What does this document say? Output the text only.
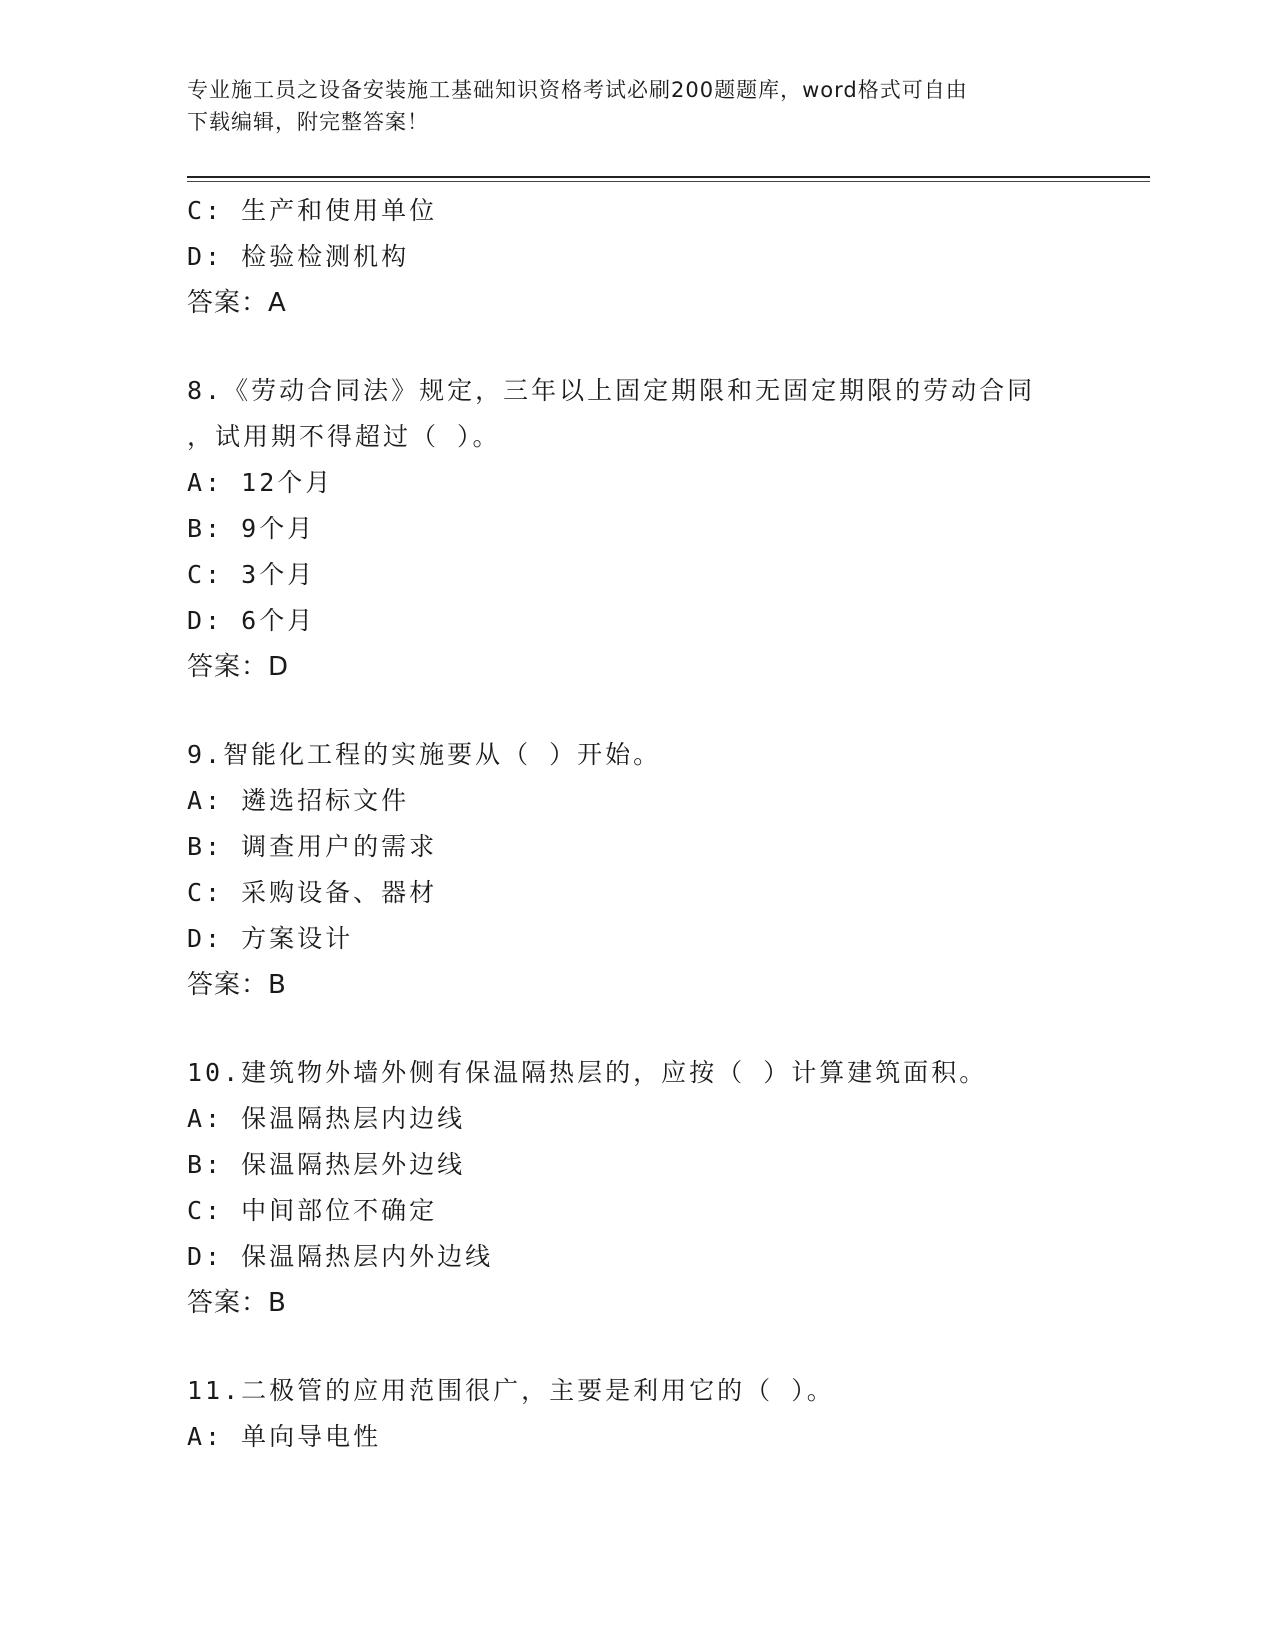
专业施工员之设备安装施工基础知识资格考试必刷200题题库，word格式可自由
下载编辑，附完整答案！
C: 生产和使用单位
D: 检验检测机构
答案：A
8.《劳动合同法》规定，三年以上固定期限和无固定期限的劳动合同
，试用期不得超过（ ）。
A: 12个月
B: 9个月
C: 3个月
D: 6个月
答案：D
9.智能化工程的实施要从（ ）开始。
A: 遴选招标文件
B: 调查用户的需求
C: 采购设备、器材
D: 方案设计
答案：B
10.建筑物外墙外侧有保温隔热层的，应按（ ）计算建筑面积。
A: 保温隔热层内边线
B: 保温隔热层外边线
C: 中间部位不确定
D: 保温隔热层内外边线
答案：B
11.二极管的应用范围很广，主要是利用它的（ ）。
A: 单向导电性
